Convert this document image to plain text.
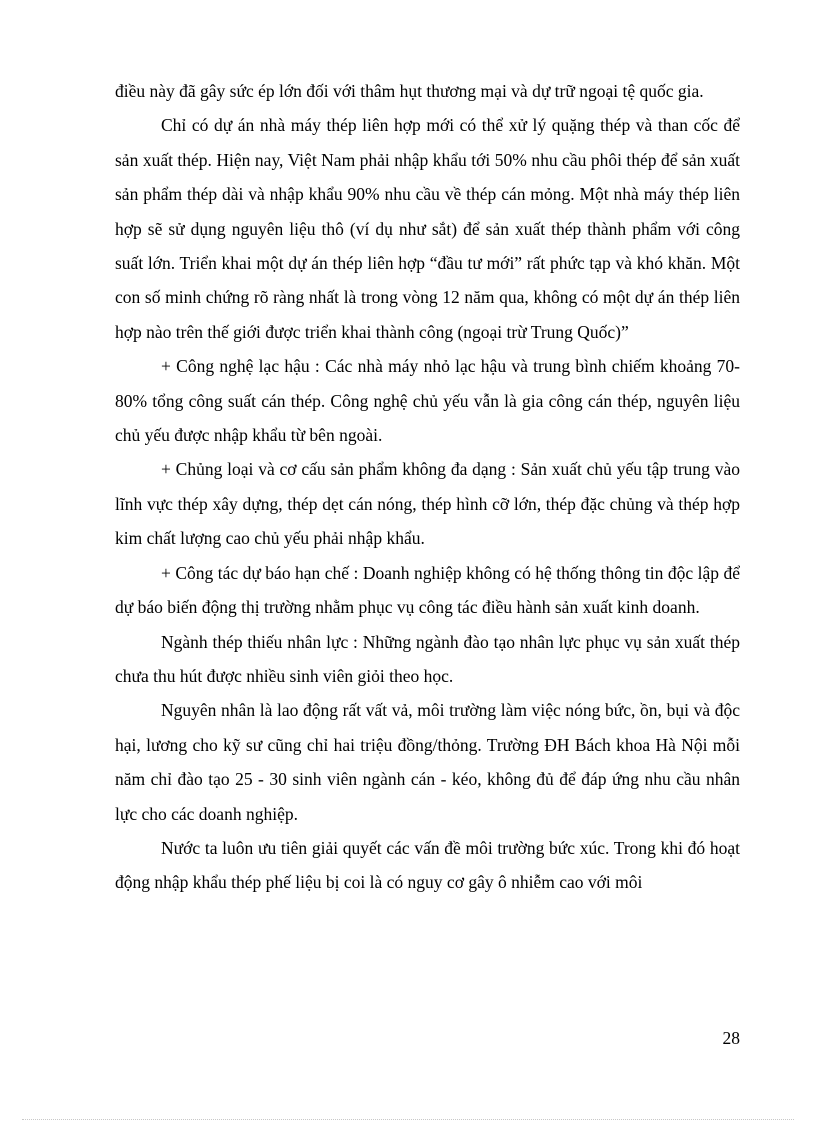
điều này đã gây sức ép lớn đối với thâm hụt thương mại và dự trữ ngoại tệ quốc gia.

Chỉ có dự án nhà máy thép liên hợp mới có thể xử lý quặng thép và than cốc để sản xuất thép. Hiện nay, Việt Nam phải nhập khẩu tới 50% nhu cầu phôi thép để sản xuất sản phẩm thép dài và nhập khẩu 90% nhu cầu về thép cán mỏng. Một nhà máy thép liên hợp sẽ sử dụng nguyên liệu thô (ví dụ như sắt) để sản xuất thép thành phẩm với công suất lớn. Triển khai một dự án thép liên hợp “đầu tư mới” rất phức tạp và khó khăn. Một con số minh chứng rõ ràng nhất là trong vòng 12 năm qua, không có một dự án thép liên hợp nào trên thế giới được triển khai thành công (ngoại trừ Trung Quốc)”

+ Công nghệ lạc hậu : Các nhà máy nhỏ lạc hậu và trung bình chiếm khoảng 70-80% tổng công suất cán thép. Công nghệ chủ yếu vẫn là gia công cán thép, nguyên liệu chủ yếu được nhập khẩu từ bên ngoài.

+ Chủng loại và cơ cấu sản phẩm không đa dạng : Sản xuất chủ yếu tập trung vào lĩnh vực thép xây dựng, thép dẹt cán nóng, thép hình cỡ lớn, thép đặc chủng và thép hợp kim chất lượng cao chủ yếu phải nhập khẩu.

+ Công tác dự báo hạn chế : Doanh nghiệp không có hệ thống thông tin độc lập để dự báo biến động thị trường nhằm phục vụ công tác điều hành sản xuất kinh doanh.

Ngành thép thiếu nhân lực : Những ngành đào tạo nhân lực phục vụ sản xuất thép chưa thu hút được nhiều sinh viên giỏi theo học.

Nguyên nhân là lao động rất vất vả, môi trường làm việc nóng bức, ồn, bụi và độc hại, lương cho kỹ sư cũng chỉ hai triệu đồng/thỏng. Trường ĐH Bách khoa Hà Nội mỗi năm chỉ đào tạo 25 - 30 sinh viên ngành cán - kéo, không đủ để đáp ứng nhu cầu nhân lực cho các doanh nghiệp.

Nước ta luôn ưu tiên giải quyết các vấn đề môi trường bức xúc. Trong khi đó hoạt động nhập khẩu thép phế liệu bị coi là có nguy cơ gây ô nhiễm cao với môi

28
